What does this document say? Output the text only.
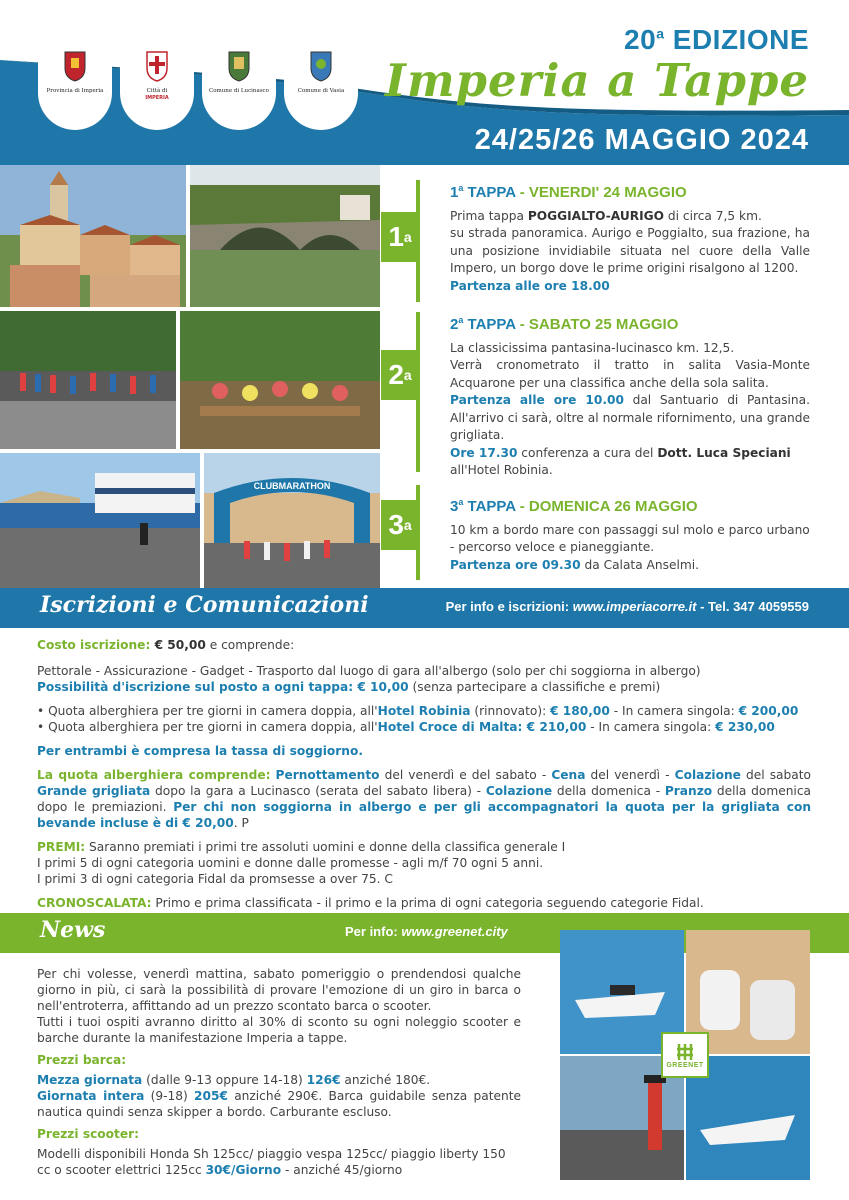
Provincia di Imperia	Città di
IMPERIA
Comune di Lucinasco	Comune di Vasia
20$^a$ EDIZIONE
Imperia a Tappe
24/25/26 MAGGIO 2024
CLUBMARATHON
1 a
2 a
3 a
1$^a$ TAPPA - VENERDI' 24 MAGGIO

Prima tappa POGGIALTO-AURIGO di circa 7,5 km.

su strada panoramica. Aurigo e Poggialto, sua frazione, ha una posizione invidiabile situata nel cuore della Valle Impero, un borgo dove le prime origini risalgono al 1200.

Partenza alle ore 18.00

2$^a$ TAPPA - SABATO 25 MAGGIO

La classicissima pantasina-lucinasco km. 12,5.

Verrà cronometrato il tratto in salita Vasia-Monte Acquarone per una classifica anche della sola salita.

Partenza alle ore 10.00 dal Santuario di Pantasina. All'arrivo ci sarà, oltre al normale rifornimento, una grande grigliata.

Ore 17.30 conferenza a cura del Dott. Luca Speciani
all'Hotel Robinia.

3$^a$ TAPPA - DOMENICA 26 MAGGIO

10 km a bordo mare con passaggi sul molo e parco urbano - percorso veloce e pianeggiante.

Partenza ore 09.30 da Calata Anselmi.

Iscrizioni e Comunicazioni	Per info e iscrizioni: www.imperiacorre.it - Tel. 347 4059559

Costo iscrizione: € 50,00 e comprende:

Pettorale - Assicurazione - Gadget - Trasporto dal luogo di gara all'albergo (solo per chi soggiorna in albergo)

Possibilità d'iscrizione sul posto a ogni tappa: € 10,00 (senza partecipare a classifiche e premi)

• Quota alberghiera per tre giorni in camera doppia, all'Hotel Robinia (rinnovato): € 180,00 - In camera singola: € 200,00

• Quota alberghiera per tre giorni in camera doppia, all'Hotel Croce di Malta: € 210,00 - In camera singola: € 230,00

Per entrambi è compresa la tassa di soggiorno.

La quota alberghiera comprende: Pernottamento del venerdì e del sabato - Cena del venerdì - Colazione del sabato Grande grigliata dopo la gara a Lucinasco (serata del sabato libera) - Colazione della domenica - Pranzo della domenica dopo le premiazioni. Per chi non soggiorna in albergo e per gli accompagnatori la quota per la grigliata con bevande incluse è di € 20,00. P

PREMI: Saranno premiati i primi tre assoluti uomini e donne della classifica generale I
I primi 5 di ogni categoria uomini e donne dalle promesse - agli m/f 70 ogni 5 anni.
I primi 3 di ogni categoria Fidal da promsesse a over 75. C

CRONOSCALATA: Primo e prima classificata - il primo e la prima di ogni categoria seguendo categorie Fidal.

News	Per info: www.greenet.city

Per chi volesse, venerdì mattina, sabato pomeriggio o prendendosi qualche giorno in più, ci sarà la possibilità di provare l'emozione di un giro in barca o nell'entroterra, affittando ad un prezzo scontato barca o scooter.

Tutti i tuoi ospiti avranno diritto al 30% di sconto su ogni noleggio scooter e barche durante la manifestazione Imperia a tappe.

Prezzi barca:

Mezza giornata (dalle 9-13 oppure 14-18) 126€ anziché 180€.

Giornata intera (9-18) 205€ anziché 290€. Barca guidabile senza patente nautica quindi senza skipper a bordo. Carburante escluso.

Prezzi scooter:

Modelli disponibili Honda Sh 125cc/ piaggio vespa 125cc/ piaggio liberty 150 cc o scooter elettrici 125cc 30€/Giorno - anziché 45/giorno

GREENET
